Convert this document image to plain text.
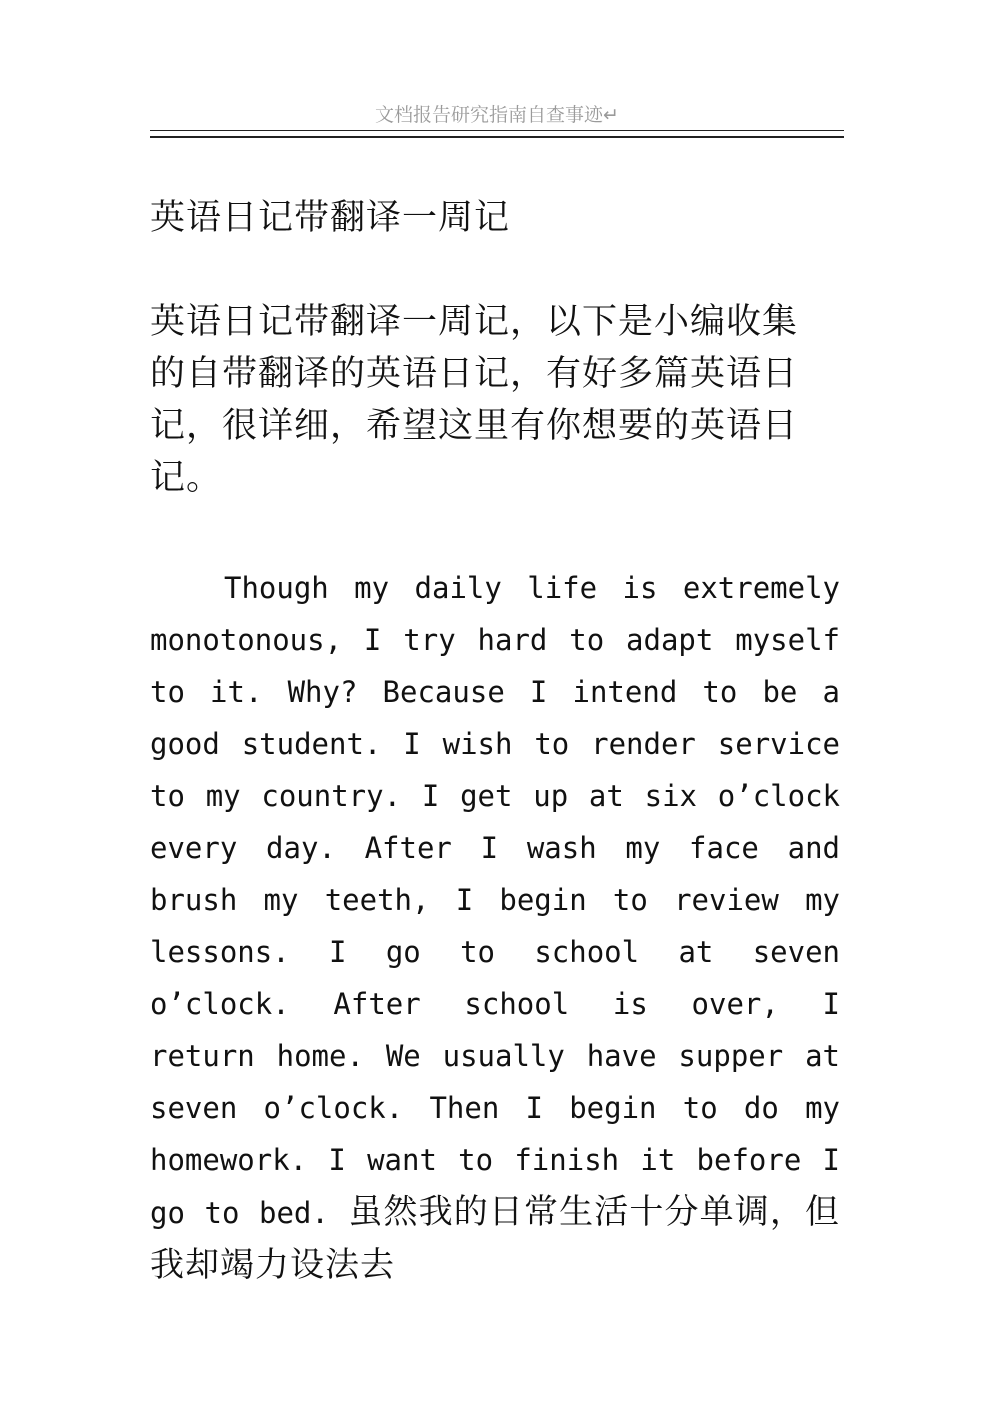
文档报告研究指南自查事迹↵
英语日记带翻译一周记

英语日记带翻译一周记，以下是小编收集的自带翻译的英语日记，有好多篇英语日记，很详细，希望这里有你想要的英语日记。

Though my daily life is extremely monotonous, I try hard to adapt myself to it. Why? Because I intend to be a good student. I wish to render service to my country. I get up at six o’clock every day. After I wash my face and brush my teeth, I begin to review my lessons. I go to school at seven o’clock. After school is over, I return home. We usually have supper at seven o’clock. Then I begin to do my homework. I want to finish it before I go to bed. 虽然我的日常生活十分单调，但我却竭力设法去
